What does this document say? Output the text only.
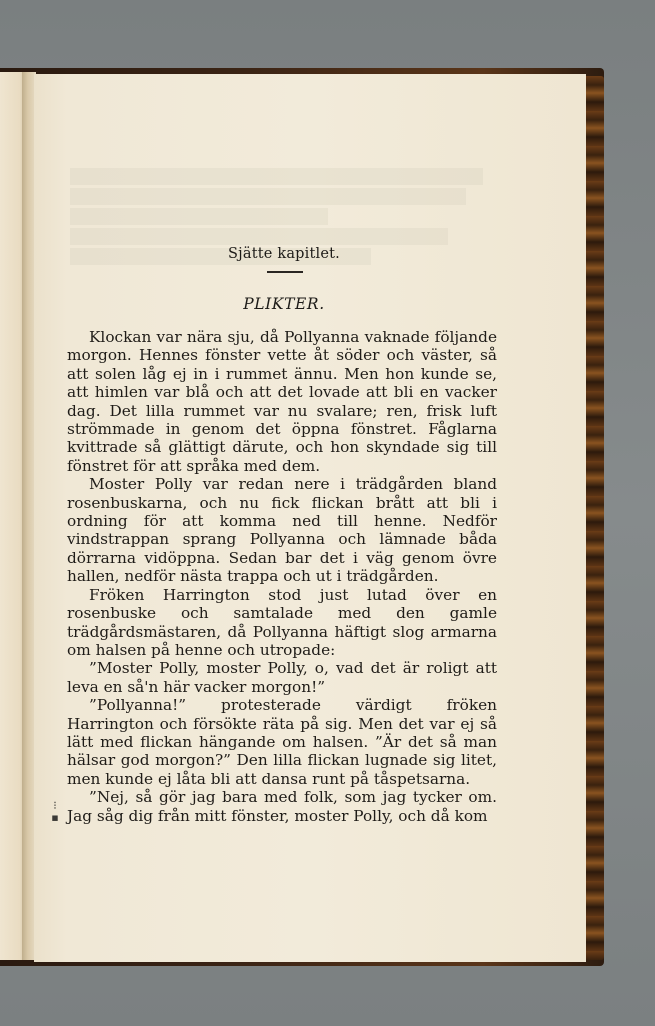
Sjätte kapitlet.
PLIKTER.

Klockan var nära sju, då Pollyanna vaknade följande morgon. Hennes fönster vette åt söder och väster, så att solen låg ej in i rummet ännu. Men hon kunde se, att himlen var blå och att det lovade att bli en vacker dag. Det lilla rummet var nu svalare; ren, frisk luft strömmade in genom det öppna fönstret. Fåglarna kvittrade så glättigt därute, och hon skyndade sig till fönstret för att språka med dem.

Moster Polly var redan nere i trädgården bland rosenbuskarna, och nu fick flickan brått att bli i ordning för att komma ned till henne. Nedför vindstrappan sprang Pollyanna och lämnade båda dörrarna vidöppna. Sedan bar det i väg genom övre hallen, nedför nästa trappa och ut i trädgården.

Fröken Harrington stod just lutad över en rosenbuske och samtalade med den gamle trädgårdsmästaren, då Pollyanna häftigt slog armarna om halsen på henne och utropade:

”Moster Polly, moster Polly, o, vad det är roligt att leva en så'n här vacker morgon!”

”Pollyanna!” protesterade värdigt fröken Harrington och försökte räta på sig. Men det var ej så lätt med flickan hängande om halsen. ”Är det så man hälsar god morgon?” Den lilla flickan lugnade sig litet, men kunde ej låta bli att dansa runt på tåspetsarna.

”Nej, så gör jag bara med folk, som jag tycker om. Jag såg dig från mitt fönster, moster Polly, och då kom

⁝
▪
